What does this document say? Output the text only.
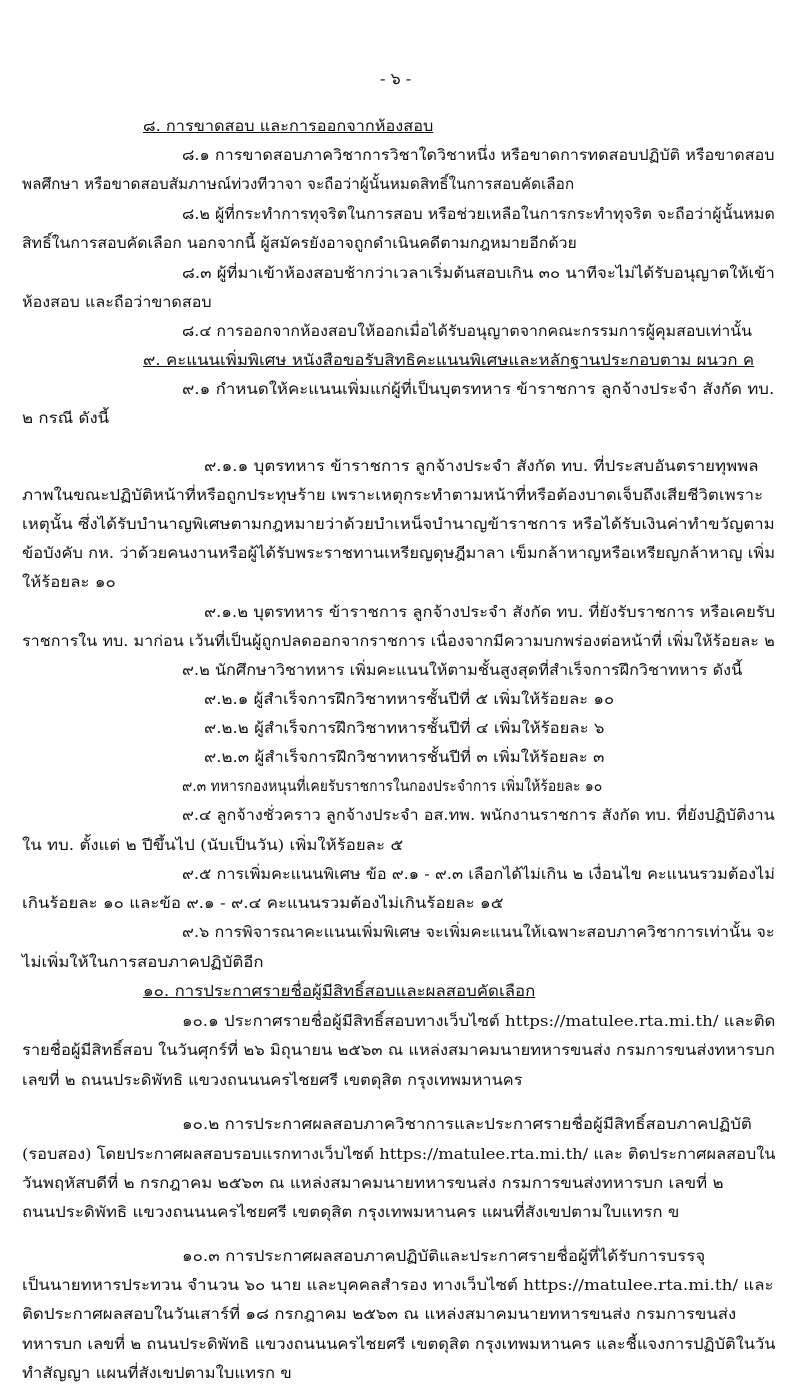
- ๖ -
๘. การขาดสอบ และการออกจากห้องสอบ
๘.๑ การขาดสอบภาควิชาการวิชาใดวิชาหนึ่ง หรือขาดการทดสอบปฏิบัติ หรือขาดสอบ
พลศึกษา หรือขาดสอบสัมภาษณ์ท่วงทีวาจา จะถือว่าผู้นั้นหมดสิทธิ์ในการสอบคัดเลือก
๘.๒ ผู้ที่กระทำการทุจริตในการสอบ หรือช่วยเหลือในการกระทำทุจริต จะถือว่าผู้นั้นหมด
สิทธิ์ในการสอบคัดเลือก นอกจากนี้ ผู้สมัครยังอาจถูกดำเนินคดีตามกฎหมายอีกด้วย
๘.๓ ผู้ที่มาเข้าห้องสอบช้ากว่าเวลาเริ่มต้นสอบเกิน ๓๐ นาทีจะไม่ได้รับอนุญาตให้เข้า
ห้องสอบ และถือว่าขาดสอบ
๘.๔ การออกจากห้องสอบให้ออกเมื่อได้รับอนุญาตจากคณะกรรมการผู้คุมสอบเท่านั้น
๙. คะแนนเพิ่มพิเศษ หนังสือขอรับสิทธิคะแนนพิเศษและหลักฐานประกอบตาม ผนวก ค
๙.๑ กำหนดให้คะแนนเพิ่มแก่ผู้ที่เป็นบุตรทหาร ข้าราชการ ลูกจ้างประจำ สังกัด ทบ.
๒ กรณี ดังนี้
๙.๑.๑ บุตรทหาร ข้าราชการ ลูกจ้างประจำ สังกัด ทบ. ที่ประสบอันตรายทุพพล
ภาพในขณะปฏิบัติหน้าที่หรือถูกประทุษร้าย เพราะเหตุกระทำตามหน้าที่หรือต้องบาดเจ็บถึงเสียชีวิตเพราะ
เหตุนั้น ซึ่งได้รับบำนาญพิเศษตามกฎหมายว่าด้วยบำเหน็จบำนาญข้าราชการ หรือได้รับเงินค่าทำขวัญตาม
ข้อบังคับ กห. ว่าด้วยคนงานหรือผู้ได้รับพระราชทานเหรียญดุษฎีมาลา เข็มกล้าหาญหรือเหรียญกล้าหาญ เพิ่ม
ให้ร้อยละ ๑๐
๙.๑.๒ บุตรทหาร ข้าราชการ ลูกจ้างประจำ สังกัด ทบ. ที่ยังรับราชการ หรือเคยรับ
ราชการใน ทบ. มาก่อน เว้นที่เป็นผู้ถูกปลดออกจากราชการ เนื่องจากมีความบกพร่องต่อหน้าที่ เพิ่มให้ร้อยละ ๒
๙.๒ นักศึกษาวิชาทหาร เพิ่มคะแนนให้ตามชั้นสูงสุดที่สำเร็จการฝึกวิชาทหาร ดังนี้
๙.๒.๑ ผู้สำเร็จการฝึกวิชาทหารชั้นปีที่ ๕ เพิ่มให้ร้อยละ ๑๐
๙.๒.๒ ผู้สำเร็จการฝึกวิชาทหารชั้นปีที่ ๔ เพิ่มให้ร้อยละ ๖
๙.๒.๓ ผู้สำเร็จการฝึกวิชาทหารชั้นปีที่ ๓ เพิ่มให้ร้อยละ ๓
๙.๓ ทหารกองหนุนที่เคยรับราชการในกองประจำการ เพิ่มให้ร้อยละ ๑๐
๙.๔ ลูกจ้างชั่วคราว ลูกจ้างประจำ อส.ทพ. พนักงานราชการ สังกัด ทบ. ที่ยังปฏิบัติงาน
ใน ทบ. ตั้งแต่ ๒ ปีขึ้นไป (นับเป็นวัน) เพิ่มให้ร้อยละ ๕
๙.๕ การเพิ่มคะแนนพิเศษ ข้อ ๙.๑ - ๙.๓ เลือกได้ไม่เกิน ๒ เงื่อนไข คะแนนรวมต้องไม่
เกินร้อยละ ๑๐ และข้อ ๙.๑ - ๙.๔ คะแนนรวมต้องไม่เกินร้อยละ ๑๕
๙.๖ การพิจารณาคะแนนเพิ่มพิเศษ จะเพิ่มคะแนนให้เฉพาะสอบภาควิชาการเท่านั้น จะ
ไม่เพิ่มให้ในการสอบภาคปฏิบัติอีก
๑๐. การประกาศรายชื่อผู้มีสิทธิ์สอบและผลสอบคัดเลือก
๑๐.๑ ประกาศรายชื่อผู้มีสิทธิ์สอบทางเว็บไซต์ https://matulee.rta.mi.th/ และติด
รายชื่อผู้มีสิทธิ์สอบ ในวันศุกร์ที่ ๒๖ มิถุนายน ๒๕๖๓ ณ แหล่งสมาคมนายทหารขนส่ง กรมการขนส่งทหารบก
เลขที่ ๒ ถนนประดิพัทธิ แขวงถนนนครไชยศรี เขตดุสิต กรุงเทพมหานคร
๑๐.๒ การประกาศผลสอบภาควิชาการและประกาศรายชื่อผู้มีสิทธิ์สอบภาคปฏิบัติ
(รอบสอง) โดยประกาศผลสอบรอบแรกทางเว็บไซต์ https://matulee.rta.mi.th/ และ ติดประกาศผลสอบใน
วันพฤหัสบดีที่ ๒ กรกฎาคม ๒๕๖๓ ณ แหล่งสมาคมนายทหารขนส่ง กรมการขนส่งทหารบก เลขที่ ๒
ถนนประดิพัทธิ แขวงถนนนครไชยศรี เขตดุสิต กรุงเทพมหานคร แผนที่สังเขปตามใบแทรก ข
๑๐.๓ การประกาศผลสอบภาคปฏิบัติและประกาศรายชื่อผู้ที่ได้รับการบรรจุ
เป็นนายทหารประทวน จำนวน ๖๐ นาย และบุคคลสำรอง ทางเว็บไซต์ https://matulee.rta.mi.th/ และ
ติดประกาศผลสอบในวันเสาร์ที่ ๑๘ กรกฎาคม ๒๕๖๓ ณ แหล่งสมาคมนายทหารขนส่ง กรมการขนส่ง
ทหารบก เลขที่ ๒ ถนนประดิพัทธิ แขวงถนนนครไชยศรี เขตดุสิต กรุงเทพมหานคร และชี้แจงการปฏิบัติในวัน
ทำสัญญา แผนที่สังเขปตามใบแทรก ข
